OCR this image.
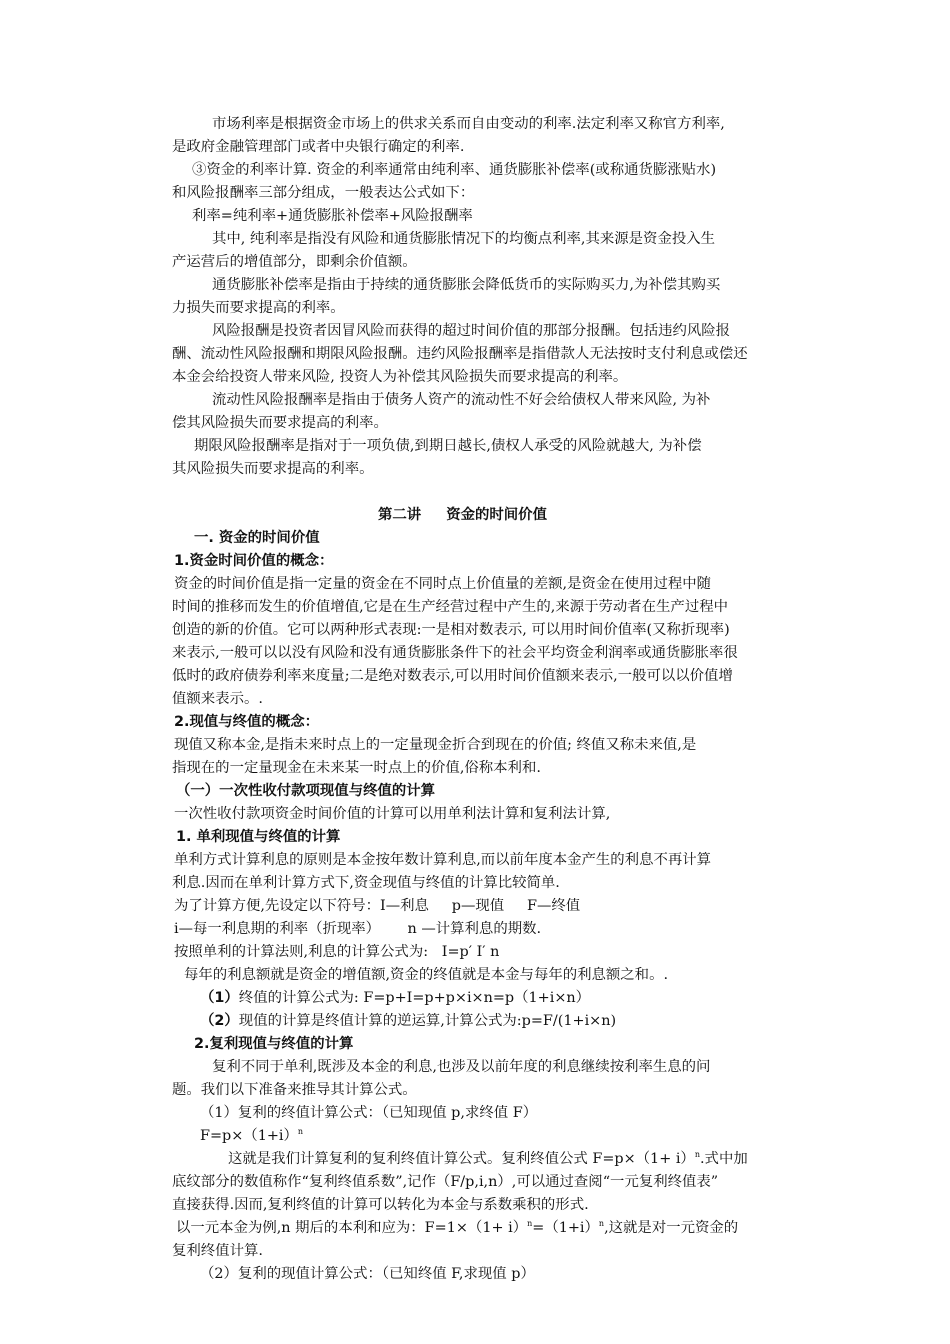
市场利率是根据资金市场上的供求关系而自由变动的利率.法定利率又称官方利率,
是政府金融管理部门或者中央银行确定的利率.
③资金的利率计算. 资金的利率通常由纯利率、通货膨胀补偿率(或称通货膨涨贴水)
和风险报酬率三部分组成，一般表达公式如下：
利率=纯利率+通货膨胀补偿率+风险报酬率
其中, 纯利率是指没有风险和通货膨胀情况下的均衡点利率,其来源是资金投入生
产运营后的增值部分，即剩余价值额。
通货膨胀补偿率是指由于持续的通货膨胀会降低货币的实际购买力,为补偿其购买
力损失而要求提高的利率。
风险报酬是投资者因冒风险而获得的超过时间价值的那部分报酬。包括违约风险报
酬、流动性风险报酬和期限风险报酬。违约风险报酬率是指借款人无法按时支付利息或偿还
本金会给投资人带来风险, 投资人为补偿其风险损失而要求提高的利率。
流动性风险报酬率是指由于债务人资产的流动性不好会给债权人带来风险, 为补
偿其风险损失而要求提高的利率。
期限风险报酬率是指对于一项负债,到期日越长,债权人承受的风险就越大, 为补偿
其风险损失而要求提高的利率。
第二讲     资金的时间价值
一. 资金的时间价值
1.资金时间价值的概念：
资金的时间价值是指一定量的资金在不同时点上价值量的差额,是资金在使用过程中随
时间的推移而发生的价值增值,它是在生产经营过程中产生的,来源于劳动者在生产过程中
创造的新的价值。它可以两种形式表现:一是相对数表示, 可以用时间价值率(又称折现率)
来表示,一般可以以没有风险和没有通货膨胀条件下的社会平均资金利润率或通货膨胀率很
低时的政府债券利率来度量;二是绝对数表示,可以用时间价值额来表示,一般可以以价值增
值额来表示。.
2.现值与终值的概念：
现值又称本金,是指未来时点上的一定量现金折合到现在的价值; 终值又称未来值,是
指现在的一定量现金在未来某一时点上的价值,俗称本利和.
（一）一次性收付款项现值与终值的计算
一次性收付款项资金时间价值的计算可以用单利法计算和复利法计算,
1. 单利现值与终值的计算
单利方式计算利息的原则是本金按年数计算利息,而以前年度本金产生的利息不再计算
利息.因而在单利计算方式下,资金现值与终值的计算比较简单.
为了计算方便,先设定以下符号：I—利息     p—现值     F—终值
i—每一利息期的利率（折现率）      n —计算利息的期数.
按照单利的计算法则,利息的计算公式为:   I=p′ I′ n
每年的利息额就是资金的增值额,资金的终值就是本金与每年的利息额之和。.
（1）终值的计算公式为: F=p+I=p+p×i×n=p（1+i×n）
（2）现值的计算是终值计算的逆运算,计算公式为:p=F/(1+i×n)
2.复利现值与终值的计算
复利不同于单利,既涉及本金的利息,也涉及以前年度的利息继续按利率生息的问
题。我们以下准备来推导其计算公式。
（1）复利的终值计算公式：（已知现值 p,求终值 F）
$F=p\times(1+i)^n$
这就是我们计算复利的复利终值计算公式。复利终值公式 $F=p\times(1+ i)^n$.式中加
底纹部分的数值称作“复利终值系数”,记作（F/p,i,n）,可以通过查阅“一元复利终值表”
直接获得.因而,复利终值的计算可以转化为本金与系数乘积的形式.
以一元本金为例,n 期后的本利和应为：$F=1\times(1+ i)^n=(1+i)^n$,这就是对一元资金的
复利终值计算.
（2）复利的现值计算公式：（已知终值 F,求现值 p）
